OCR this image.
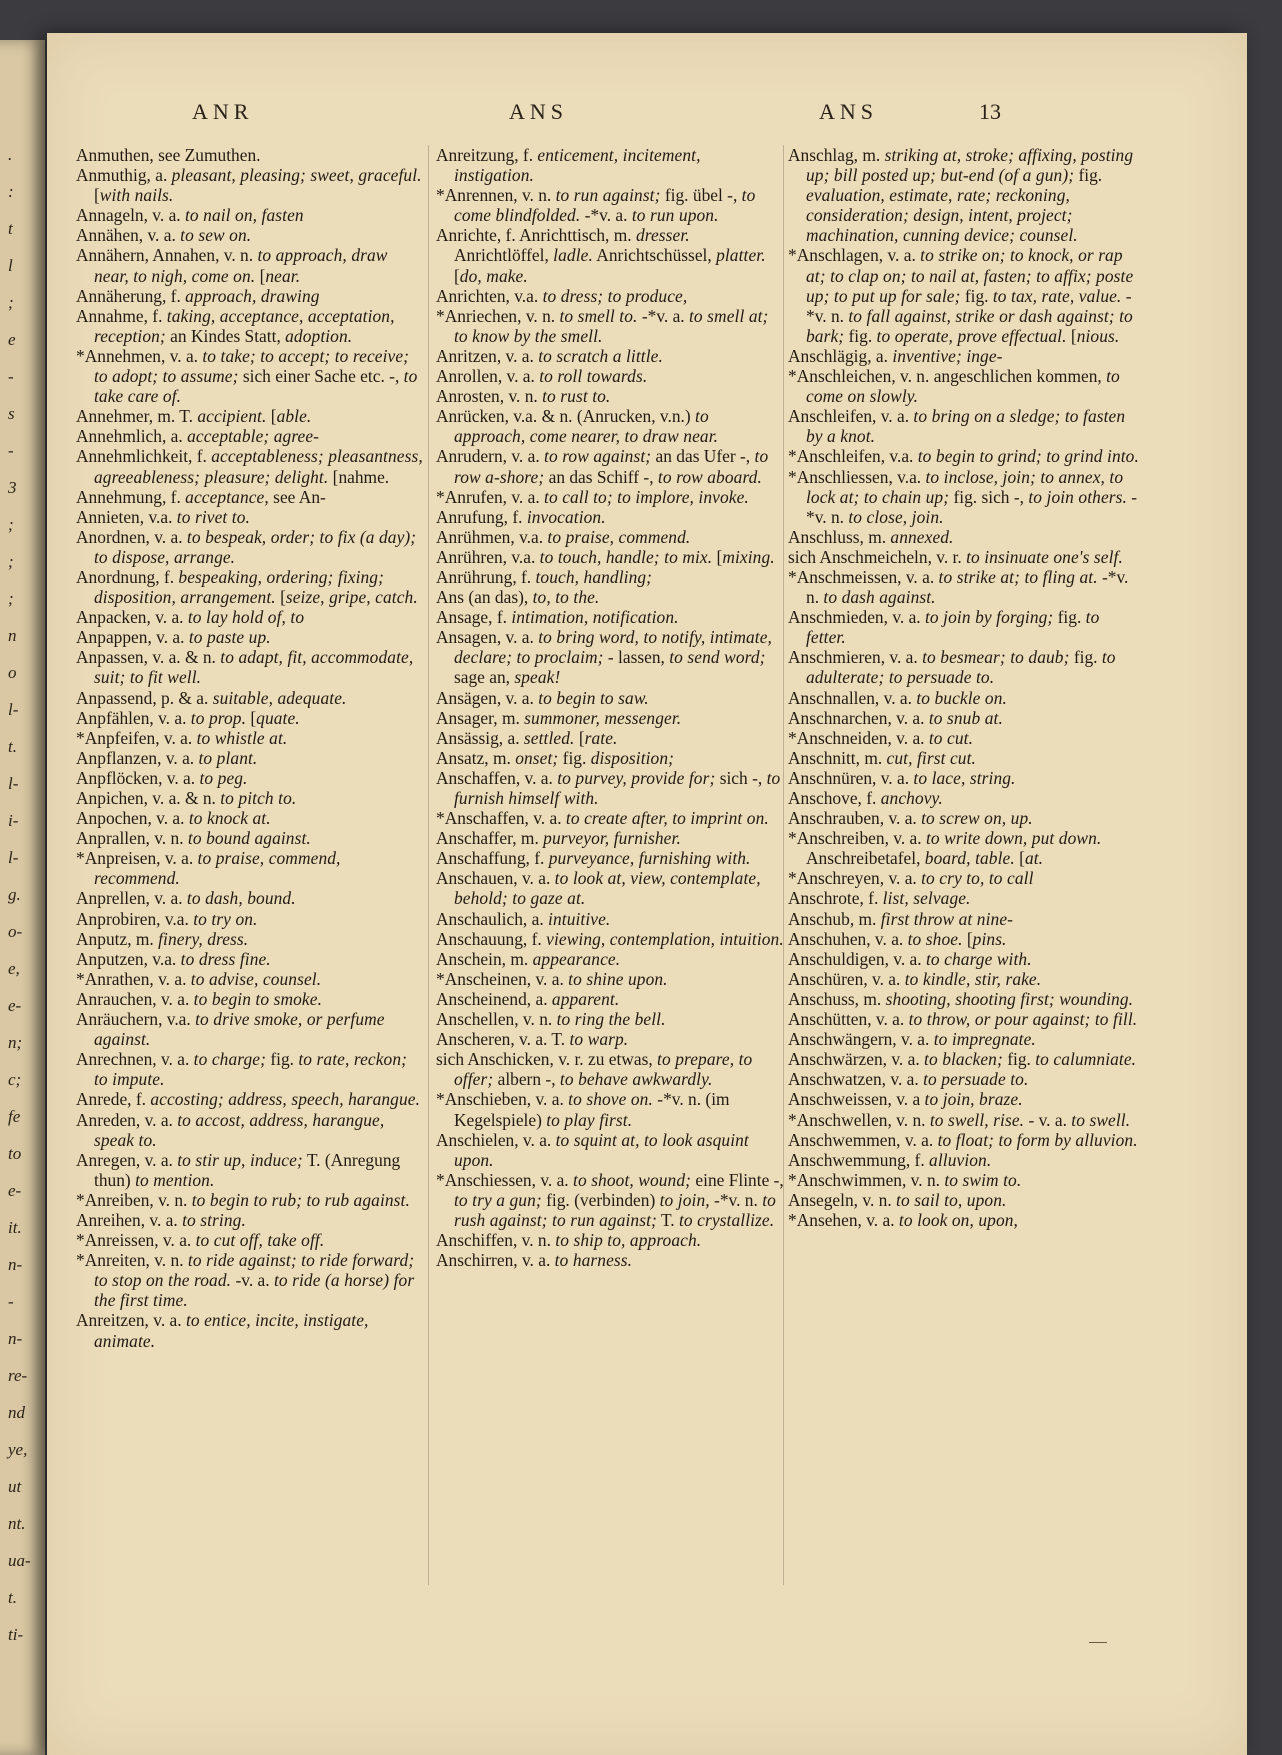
.
:
t
l
;
e
-
s
-
3
;
;
;
n
o
l-
t.
l-
i-
l-
g.
o-
e,
e-
n;
c;
fe
to
e-
it.
n-
-
n-
re-
nd
ye,
ut
nt.
ua-
t.
ti-
ANR	ANS	ANS	13

Anmuthen, see Zumuthen.

Anmuthig, a. pleasant, pleasing; sweet, graceful. [with nails.

Annageln, v. a. to nail on, fasten

Annähen, v. a. to sew on.

Annähern, Annahen, v. n. to approach, draw near, to nigh, come on. [near.

Annäherung, f. approach, drawing

Annahme, f. taking, acceptance, acceptation, reception; an Kindes Statt, adoption.

*Annehmen, v. a. to take; to accept; to receive; to adopt; to assume; sich einer Sache etc. -, to take care of.

Annehmer, m. T. accipient. [able.

Annehmlich, a. acceptable; agree-

Annehmlichkeit, f. acceptableness; pleasantness, agreeableness; pleasure; delight. [nahme.

Annehmung, f. acceptance, see An-

Annieten, v.a. to rivet to.

Anordnen, v. a. to bespeak, order; to fix (a day); to dispose, arrange.

Anordnung, f. bespeaking, ordering; fixing; disposition, arrangement. [seize, gripe, catch.

Anpacken, v. a. to lay hold of, to

Anpappen, v. a. to paste up.

Anpassen, v. a. & n. to adapt, fit, accommodate, suit; to fit well.

Anpassend, p. & a. suitable, adequate.

Anpfählen, v. a. to prop. [quate.

*Anpfeifen, v. a. to whistle at.

Anpflanzen, v. a. to plant.

Anpflöcken, v. a. to peg.

Anpichen, v. a. & n. to pitch to.

Anpochen, v. a. to knock at.

Anprallen, v. n. to bound against.

*Anpreisen, v. a. to praise, commend, recommend.

Anprellen, v. a. to dash, bound.

Anprobiren, v.a. to try on.

Anputz, m. finery, dress.

Anputzen, v.a. to dress fine.

*Anrathen, v. a. to advise, counsel.

Anrauchen, v. a. to begin to smoke.

Anräuchern, v.a. to drive smoke, or perfume against.

Anrechnen, v. a. to charge; fig. to rate, reckon; to impute.

Anrede, f. accosting; address, speech, harangue.

Anreden, v. a. to accost, address, harangue, speak to.

Anregen, v. a. to stir up, induce; T. (Anregung thun) to mention.

*Anreiben, v. n. to begin to rub; to rub against.

Anreihen, v. a. to string.

*Anreissen, v. a. to cut off, take off.

*Anreiten, v. n. to ride against; to ride forward; to stop on the road. -v. a. to ride (a horse) for the first time.

Anreitzen, v. a. to entice, incite, instigate, animate.

Anreitzung, f. enticement, incitement, instigation.

*Anrennen, v. n. to run against; fig. übel -, to come blindfolded. -*v. a. to run upon.

Anrichte, f. Anrichttisch, m. dresser. Anrichtlöffel, ladle. Anrichtschüssel, platter. [do, make.

Anrichten, v.a. to dress; to produce,

*Anriechen, v. n. to smell to. -*v. a. to smell at; to know by the smell.

Anritzen, v. a. to scratch a little.

Anrollen, v. a. to roll towards.

Anrosten, v. n. to rust to.

Anrücken, v.a. & n. (Anrucken, v.n.) to approach, come nearer, to draw near.

Anrudern, v. a. to row against; an das Ufer -, to row a-shore; an das Schiff -, to row aboard.

*Anrufen, v. a. to call to; to implore, invoke.

Anrufung, f. invocation.

Anrühmen, v.a. to praise, commend.

Anrühren, v.a. to touch, handle; to mix. [mixing.

Anrührung, f. touch, handling;

Ans (an das), to, to the.

Ansage, f. intimation, notification.

Ansagen, v. a. to bring word, to notify, intimate, declare; to proclaim; - lassen, to send word; sage an, speak!

Ansägen, v. a. to begin to saw.

Ansager, m. summoner, messenger.

Ansässig, a. settled. [rate.

Ansatz, m. onset; fig. disposition;

Anschaffen, v. a. to purvey, provide for; sich -, to furnish himself with.

*Anschaffen, v. a. to create after, to imprint on.

Anschaffer, m. purveyor, furnisher.

Anschaffung, f. purveyance, furnishing with.

Anschauen, v. a. to look at, view, contemplate, behold; to gaze at.

Anschaulich, a. intuitive.

Anschauung, f. viewing, contemplation, intuition.

Anschein, m. appearance.

*Anscheinen, v. a. to shine upon.

Anscheinend, a. apparent.

Anschellen, v. n. to ring the bell.

Anscheren, v. a. T. to warp.

sich Anschicken, v. r. zu etwas, to prepare, to offer; albern -, to behave awkwardly.

*Anschieben, v. a. to shove on. -*v. n. (im Kegelspiele) to play first.

Anschielen, v. a. to squint at, to look asquint upon.

*Anschiessen, v. a. to shoot, wound; eine Flinte -, to try a gun; fig. (verbinden) to join, -*v. n. to rush against; to run against; T. to crystallize.

Anschiffen, v. n. to ship to, approach.

Anschirren, v. a. to harness.

Anschlag, m. striking at, stroke; affixing, posting up; bill posted up; but-end (of a gun); fig. evaluation, estimate, rate; reckoning, consideration; design, intent, project; machination, cunning device; counsel.

*Anschlagen, v. a. to strike on; to knock, or rap at; to clap on; to nail at, fasten; to affix; poste up; to put up for sale; fig. to tax, rate, value. -*v. n. to fall against, strike or dash against; to bark; fig. to operate, prove effectual. [nious.

Anschlägig, a. inventive; inge-

*Anschleichen, v. n. angeschlichen kommen, to come on slowly.

Anschleifen, v. a. to bring on a sledge; to fasten by a knot.

*Anschleifen, v.a. to begin to grind; to grind into.

*Anschliessen, v.a. to inclose, join; to annex, to lock at; to chain up; fig. sich -, to join others. -*v. n. to close, join.

Anschluss, m. annexed.

sich Anschmeicheln, v. r. to insinuate one's self.

*Anschmeissen, v. a. to strike at; to fling at. -*v. n. to dash against.

Anschmieden, v. a. to join by forging; fig. to fetter.

Anschmieren, v. a. to besmear; to daub; fig. to adulterate; to persuade to.

Anschnallen, v. a. to buckle on.

Anschnarchen, v. a. to snub at.

*Anschneiden, v. a. to cut.

Anschnitt, m. cut, first cut.

Anschnüren, v. a. to lace, string.

Anschove, f. anchovy.

Anschrauben, v. a. to screw on, up.

*Anschreiben, v. a. to write down, put down. Anschreibetafel, board, table. [at.

*Anschreyen, v. a. to cry to, to call

Anschrote, f. list, selvage.

Anschub, m. first throw at nine-

Anschuhen, v. a. to shoe. [pins.

Anschuldigen, v. a. to charge with.

Anschüren, v. a. to kindle, stir, rake.

Anschuss, m. shooting, shooting first; wounding.

Anschütten, v. a. to throw, or pour against; to fill.

Anschwängern, v. a. to impregnate.

Anschwärzen, v. a. to blacken; fig. to calumniate.

Anschwatzen, v. a. to persuade to.

Anschweissen, v. a to join, braze.

*Anschwellen, v. n. to swell, rise. - v. a. to swell.

Anschwemmen, v. a. to float; to form by alluvion.

Anschwemmung, f. alluvion.

*Anschwimmen, v. n. to swim to.

Ansegeln, v. n. to sail to, upon.

*Ansehen, v. a. to look on, upon,
